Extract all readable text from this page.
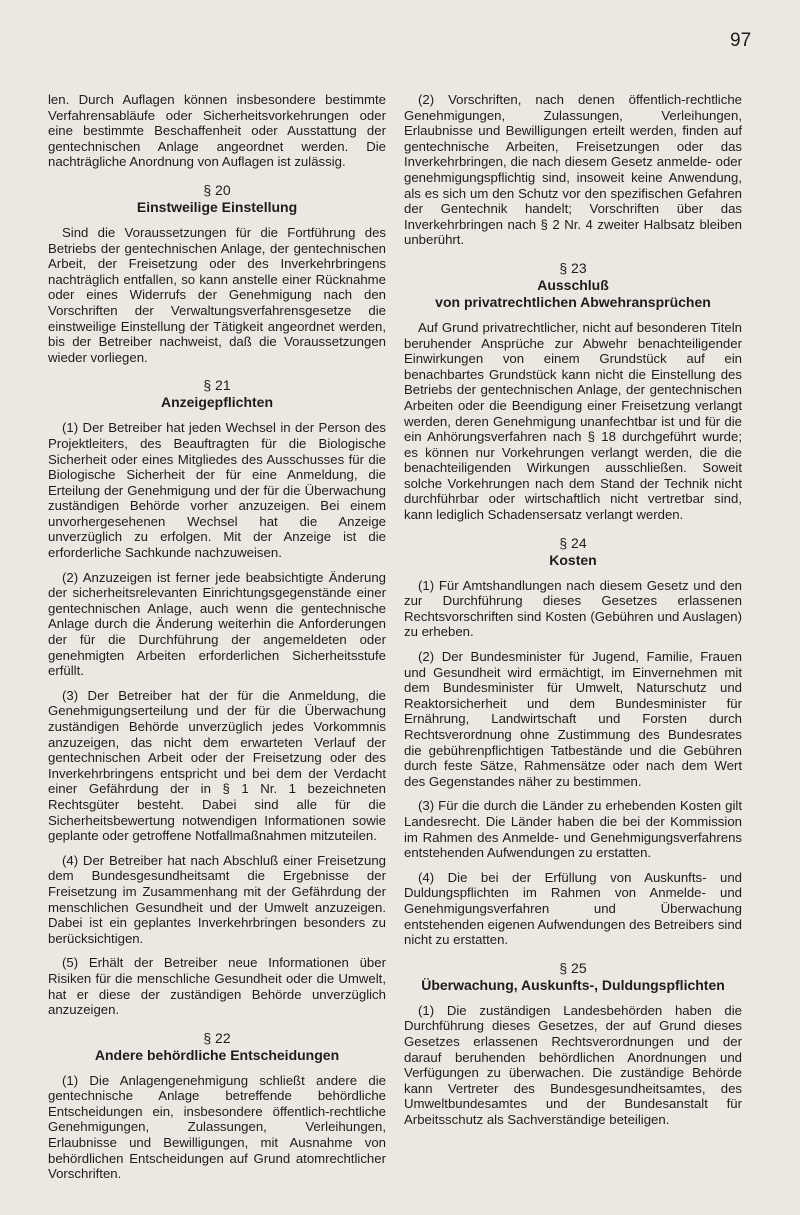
97

len. Durch Auflagen können insbesondere bestimmte Verfahrensabläufe oder Sicherheitsvorkehrungen oder eine bestimmte Beschaffenheit oder Ausstattung der gentechnischen Anlage angeordnet werden. Die nachträgliche Anordnung von Auflagen ist zulässig.

§ 20
Einstweilige Einstellung

Sind die Voraussetzungen für die Fortführung des Betriebs der gentechnischen Anlage, der gentechnischen Arbeit, der Freisetzung oder des Inverkehrbringens nachträglich entfallen, so kann anstelle einer Rücknahme oder eines Widerrufs der Genehmigung nach den Vorschriften der Verwaltungsverfahrensgesetze die einstweilige Einstellung der Tätigkeit angeordnet werden, bis der Betreiber nachweist, daß die Voraussetzungen wieder vorliegen.

§ 21
Anzeigepflichten

(1) Der Betreiber hat jeden Wechsel in der Person des Projektleiters, des Beauftragten für die Biologische Sicherheit oder eines Mitgliedes des Ausschusses für die Biologische Sicherheit der für eine Anmeldung, die Erteilung der Genehmigung und der für die Überwachung zuständigen Behörde vorher anzuzeigen. Bei einem unvorhergesehenen Wechsel hat die Anzeige unverzüglich zu erfolgen. Mit der Anzeige ist die erforderliche Sachkunde nachzuweisen.

(2) Anzuzeigen ist ferner jede beabsichtigte Änderung der sicherheitsrelevanten Einrichtungsgegenstände einer gentechnischen Anlage, auch wenn die gentechnische Anlage durch die Änderung weiterhin die Anforderungen der für die Durchführung der angemeldeten oder genehmigten Arbeiten erforderlichen Sicherheitsstufe erfüllt.

(3) Der Betreiber hat der für die Anmeldung, die Genehmigungserteilung und der für die Überwachung zuständigen Behörde unverzüglich jedes Vorkommnis anzuzeigen, das nicht dem erwarteten Verlauf der gentechnischen Arbeit oder der Freisetzung oder des Inverkehrbringens entspricht und bei dem der Verdacht einer Gefährdung der in § 1 Nr. 1 bezeichneten Rechtsgüter besteht. Dabei sind alle für die Sicherheitsbewertung notwendigen Informationen sowie geplante oder getroffene Notfallmaßnahmen mitzuteilen.

(4) Der Betreiber hat nach Abschluß einer Freisetzung dem Bundesgesundheitsamt die Ergebnisse der Freisetzung im Zusammenhang mit der Gefährdung der menschlichen Gesundheit und der Umwelt anzuzeigen. Dabei ist ein geplantes Inverkehrbringen besonders zu berücksichtigen.

(5) Erhält der Betreiber neue Informationen über Risiken für die menschliche Gesundheit oder die Umwelt, hat er diese der zuständigen Behörde unverzüglich anzuzeigen.

§ 22
Andere behördliche Entscheidungen

(1) Die Anlagengenehmigung schließt andere die gentechnische Anlage betreffende behördliche Entscheidungen ein, insbesondere öffentlich-rechtliche Genehmigungen, Zulassungen, Verleihungen, Erlaubnisse und Bewilligungen, mit Ausnahme von behördlichen Entscheidungen auf Grund atomrechtlicher Vorschriften.

(2) Vorschriften, nach denen öffentlich-rechtliche Genehmigungen, Zulassungen, Verleihungen, Erlaubnisse und Bewilligungen erteilt werden, finden auf gentechnische Arbeiten, Freisetzungen oder das Inverkehrbringen, die nach diesem Gesetz anmelde- oder genehmigungspflichtig sind, insoweit keine Anwendung, als es sich um den Schutz vor den spezifischen Gefahren der Gentechnik handelt; Vorschriften über das Inverkehrbringen nach § 2 Nr. 4 zweiter Halbsatz bleiben unberührt.

§ 23
Ausschluß
von privatrechtlichen Abwehransprüchen

Auf Grund privatrechtlicher, nicht auf besonderen Titeln beruhender Ansprüche zur Abwehr benachteiligender Einwirkungen von einem Grundstück auf ein benachbartes Grundstück kann nicht die Einstellung des Betriebs der gentechnischen Anlage, der gentechnischen Arbeiten oder die Beendigung einer Freisetzung verlangt werden, deren Genehmigung unanfechtbar ist und für die ein Anhörungsverfahren nach § 18 durchgeführt wurde; es können nur Vorkehrungen verlangt werden, die die benachteiligenden Wirkungen ausschließen. Soweit solche Vorkehrungen nach dem Stand der Technik nicht durchführbar oder wirtschaftlich nicht vertretbar sind, kann lediglich Schadensersatz verlangt werden.

§ 24
Kosten

(1) Für Amtshandlungen nach diesem Gesetz und den zur Durchführung dieses Gesetzes erlassenen Rechtsvorschriften sind Kosten (Gebühren und Auslagen) zu erheben.

(2) Der Bundesminister für Jugend, Familie, Frauen und Gesundheit wird ermächtigt, im Einvernehmen mit dem Bundesminister für Umwelt, Naturschutz und Reaktorsicherheit und dem Bundesminister für Ernährung, Landwirtschaft und Forsten durch Rechtsverordnung ohne Zustimmung des Bundesrates die gebührenpflichtigen Tatbestände und die Gebühren durch feste Sätze, Rahmensätze oder nach dem Wert des Gegenstandes näher zu bestimmen.

(3) Für die durch die Länder zu erhebenden Kosten gilt Landesrecht. Die Länder haben die bei der Kommission im Rahmen des Anmelde- und Genehmigungsverfahrens entstehenden Aufwendungen zu erstatten.

(4) Die bei der Erfüllung von Auskunfts- und Duldungspflichten im Rahmen von Anmelde- und Genehmigungsverfahren und Überwachung entstehenden eigenen Aufwendungen des Betreibers sind nicht zu erstatten.

§ 25
Überwachung, Auskunfts-, Duldungspflichten

(1) Die zuständigen Landesbehörden haben die Durchführung dieses Gesetzes, der auf Grund dieses Gesetzes erlassenen Rechtsverordnungen und der darauf beruhenden behördlichen Anordnungen und Verfügungen zu überwachen. Die zuständige Behörde kann Vertreter des Bundesgesundheitsamtes, des Umweltbundesamtes und der Bundesanstalt für Arbeitsschutz als Sachverständige beteiligen.
